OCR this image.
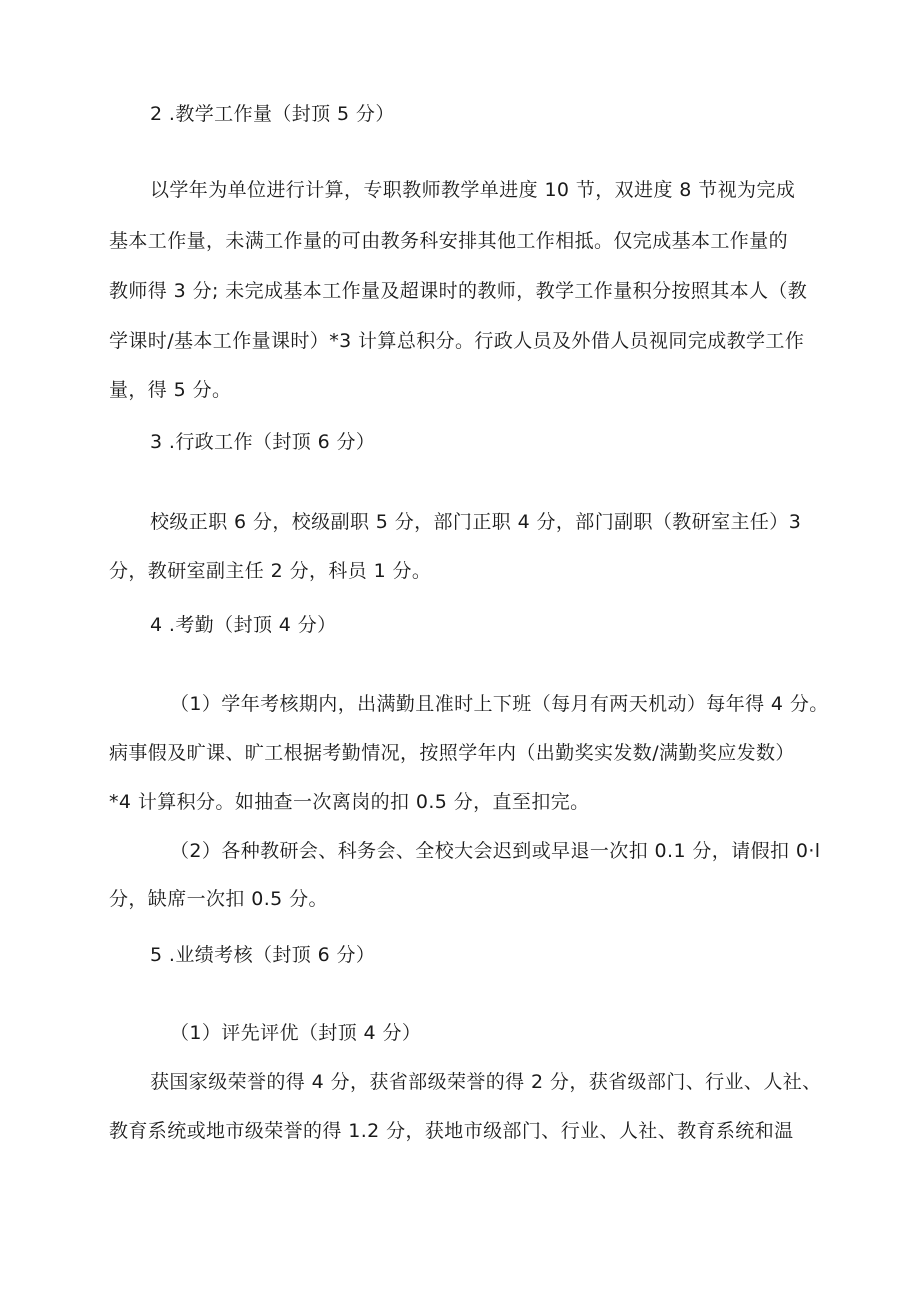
2 .教学工作量（封顶 5 分）
以学年为单位进行计算，专职教师教学单进度 10 节，双进度 8 节视为完成
基本工作量，未满工作量的可由教务科安排其他工作相抵。仅完成基本工作量的
教师得 3 分; 未完成基本工作量及超课时的教师，教学工作量积分按照其本人（教
学课时/基本工作量课时）*3 计算总积分。行政人员及外借人员视同完成教学工作
量，得 5 分。
3 .行政工作（封顶 6 分）
校级正职 6 分，校级副职 5 分，部门正职 4 分，部门副职（教研室主任）3
分，教研室副主任 2 分，科员 1 分。
4 .考勤（封顶 4 分）
（1）学年考核期内，出满勤且准时上下班（每月有两天机动）每年得 4 分。
病事假及旷课、旷工根据考勤情况，按照学年内（出勤奖实发数/满勤奖应发数）
*4 计算积分。如抽查一次离岗的扣 0.5 分，直至扣完。
（2）各种教研会、科务会、全校大会迟到或早退一次扣 0.1 分，请假扣 0·l
分，缺席一次扣 0.5 分。
5 .业绩考核（封顶 6 分）
（1）评先评优（封顶 4 分）
获国家级荣誉的得 4 分，获省部级荣誉的得 2 分，获省级部门、行业、人社、
教育系统或地市级荣誉的得 1.2 分，获地市级部门、行业、人社、教育系统和温
